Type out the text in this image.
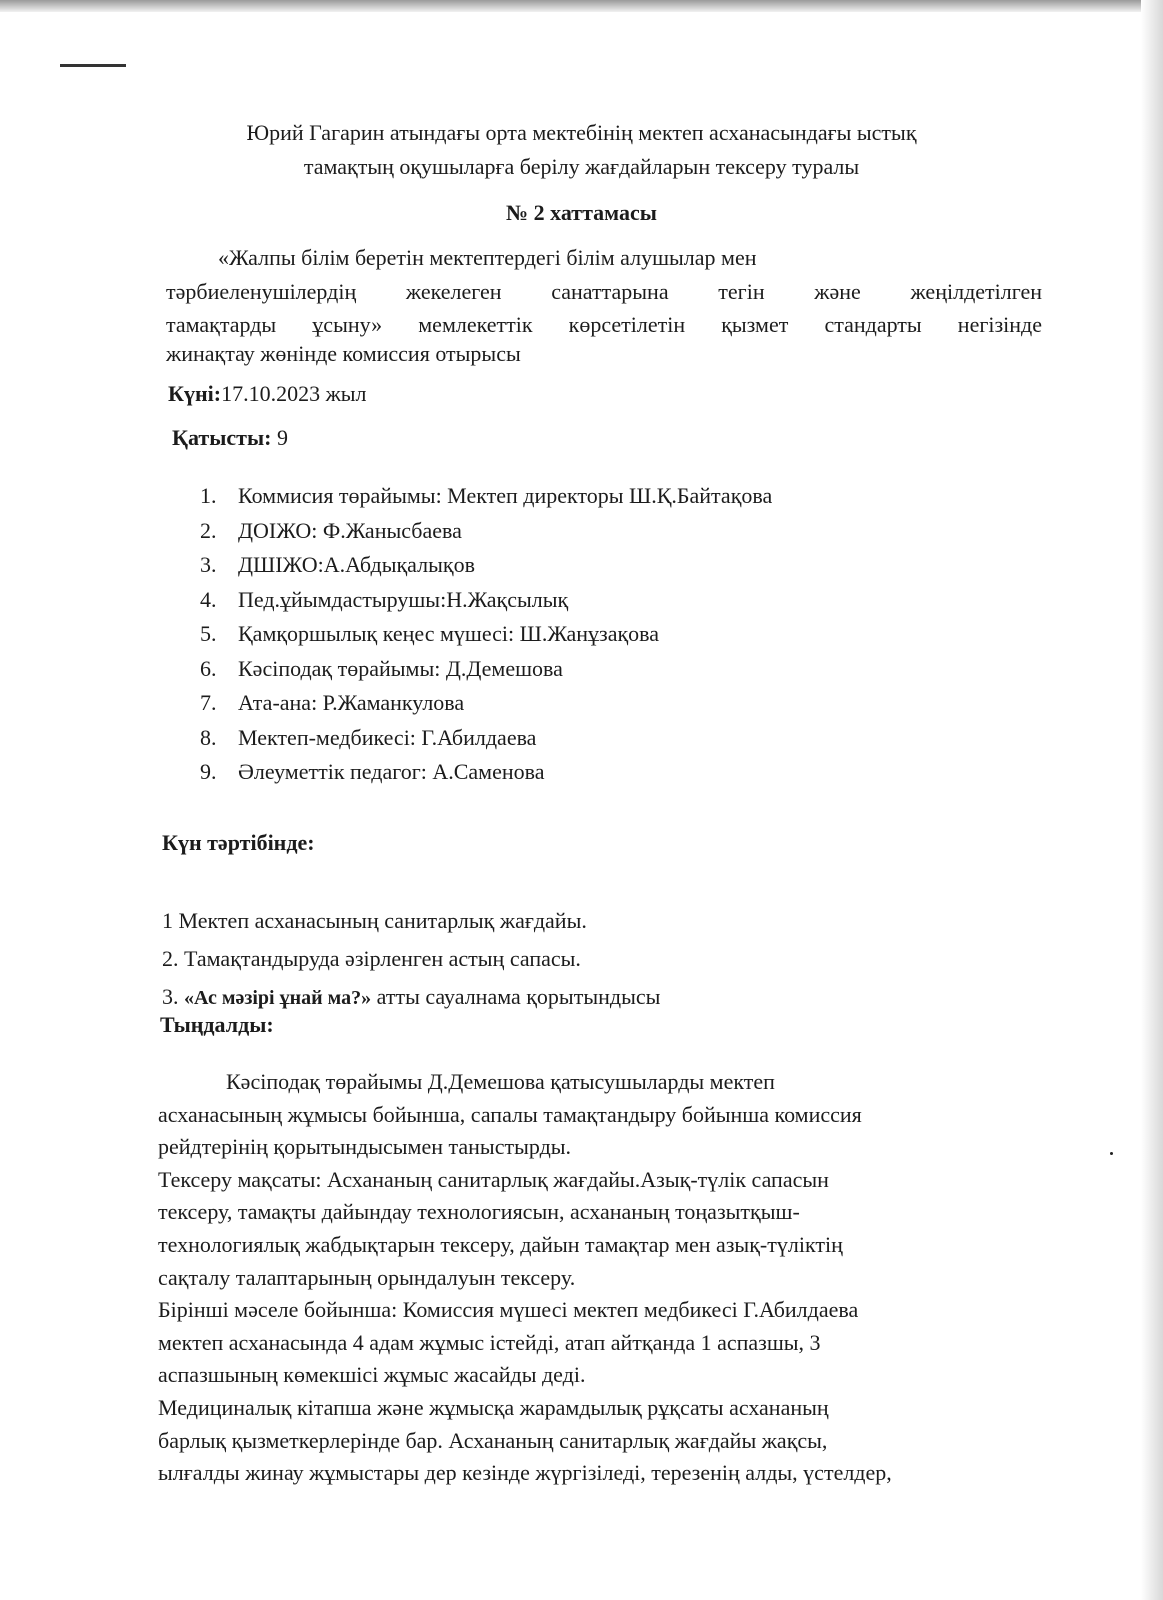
Юрий Гагарин атындағы орта мектебінің мектеп асханасындағы ыстық

тамақтың оқушыларға берілу жағдайларын тексеру туралы

№ 2 хаттамасы

«Жалпы білім беретін мектептердегі білім алушылар мен

тәрбиеленушілердің жекелеген санаттарына тегін және жеңілдетілген

тамақтарды ұсыну» мемлекеттік көрсетілетін қызмет стандарты негізінде

жинақтау жөнінде комиссия отырысы

Күні:17.10.2023 жыл

Қатысты: 9

1. Коммисия төрайымы: Мектеп директоры Ш.Қ.Байтақова
2. ДОІЖО: Ф.Жанысбаева
3. ДШІЖО:А.Абдықалықов
4. Пед.ұйымдастырушы:Н.Жақсылық
5. Қамқоршылық кеңес мүшесі: Ш.Жанұзақова
6. Кәсіподақ төрайымы: Д.Демешова
7. Ата-ана: Р.Жаманкулова
8. Мектеп-медбикесі: Г.Абилдаева
9. Әлеуметтік педагог: А.Саменова

Күн тәртібінде:

1 Мектеп асханасының санитарлық жағдайы.
2. Тамақтандыруда әзірленген астың сапасы.
3. «Ас мәзірі ұнай ма?» атты сауалнама қорытындысы

Тыңдалды:

Кәсіподақ төрайымы Д.Демешова қатысушыларды мектеп

асханасының жұмысы бойынша, сапалы тамақтандыру бойынша комиссия

рейдтерінің қорытындысымен таныстырды.

Тексеру мақсаты: Асхананың санитарлық жағдайы.Азық-түлік сапасын

тексеру, тамақты дайындау технологиясын, асхананың тоңазытқыш-

технологиялық жабдықтарын тексеру, дайын тамақтар мен азық-түліктің

сақталу талаптарының орындалуын тексеру.

Бірінші мәселе бойынша: Комиссия мүшесі мектеп медбикесі Г.Абилдаева

мектеп асханасында 4 адам жұмыс істейді, атап айтқанда 1 аспазшы, 3

аспазшының көмекшісі жұмыс жасайды деді.

Медициналық кітапша және жұмысқа жарамдылық рұқсаты асхананың

барлық қызметкерлерінде бар. Асхананың санитарлық жағдайы жақсы,

ылғалды жинау жұмыстары дер кезінде жүргізіледі, терезенің алды, үстелдер,
